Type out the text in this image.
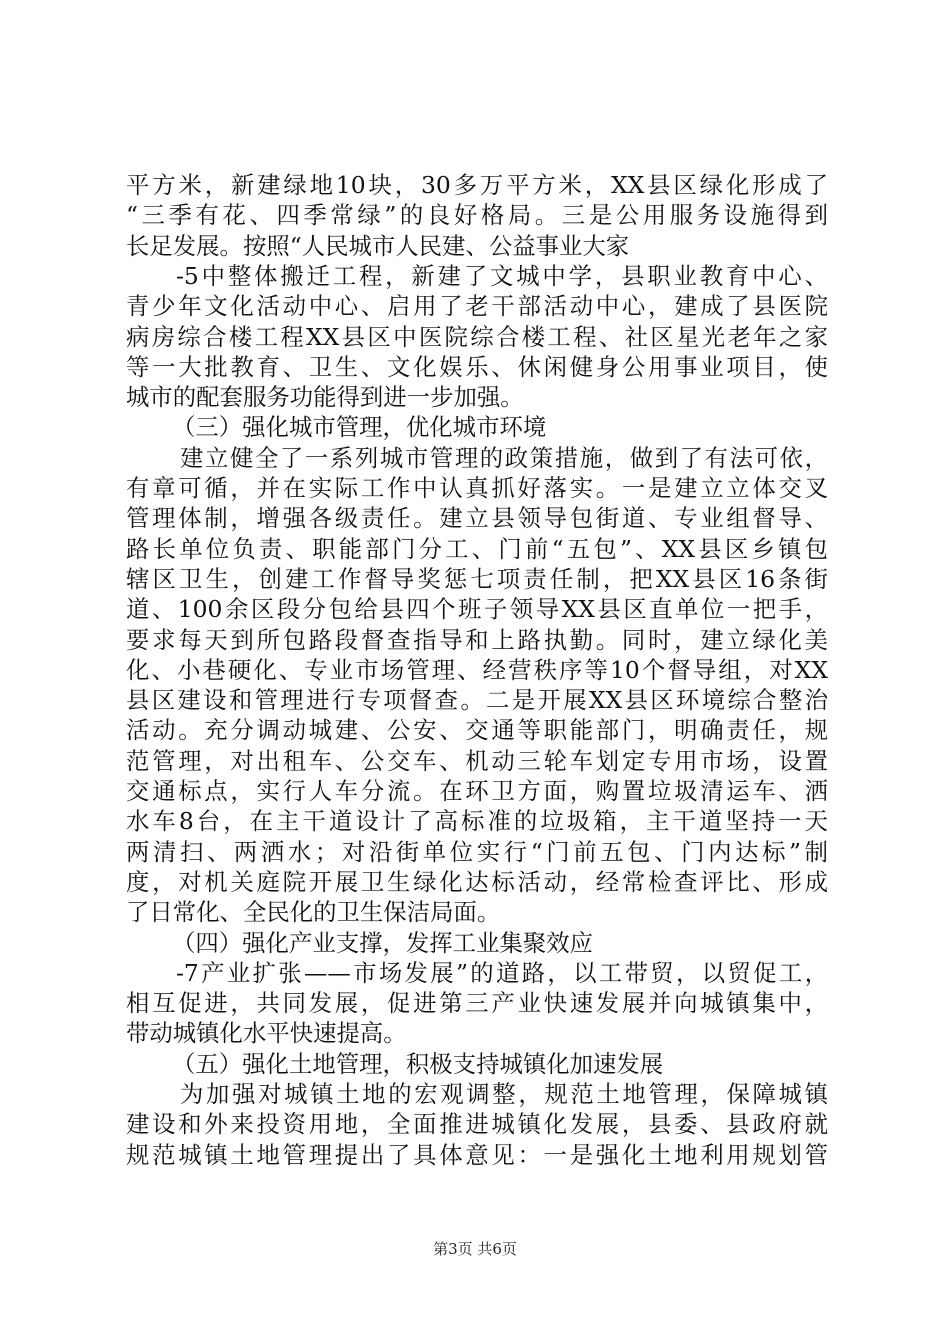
平方米，新建绿地10块，30多万平方米，XX县区绿化形成了
“三季有花、四季常绿”的良好格局。三是公用服务设施得到
长足发展。按照“人民城市人民建、公益事业大家
-5中整体搬迁工程，新建了文城中学，县职业教育中心、
青少年文化活动中心、启用了老干部活动中心，建成了县医院
病房综合楼工程XX县区中医院综合楼工程、社区星光老年之家
等一大批教育、卫生、文化娱乐、休闲健身公用事业项目，使
城市的配套服务功能得到进一步加强。
（三）强化城市管理，优化城市环境
建立健全了一系列城市管理的政策措施，做到了有法可依，
有章可循，并在实际工作中认真抓好落实。一是建立立体交叉
管理体制，增强各级责任。建立县领导包街道、专业组督导、
路长单位负责、职能部门分工、门前“五包”、XX县区乡镇包
辖区卫生，创建工作督导奖惩七项责任制，把XX县区16条街
道、100余区段分包给县四个班子领导XX县区直单位一把手，
要求每天到所包路段督查指导和上路执勤。同时，建立绿化美
化、小巷硬化、专业市场管理、经营秩序等10个督导组，对XX
县区建设和管理进行专项督查。二是开展XX县区环境综合整治
活动。充分调动城建、公安、交通等职能部门，明确责任，规
范管理，对出租车、公交车、机动三轮车划定专用市场，设置
交通标点，实行人车分流。在环卫方面，购置垃圾清运车、洒
水车8台，在主干道设计了高标准的垃圾箱，主干道坚持一天
两清扫、两洒水；对沿街单位实行“门前五包、门内达标”制
度，对机关庭院开展卫生绿化达标活动，经常检查评比、形成
了日常化、全民化的卫生保洁局面。
（四）强化产业支撑，发挥工业集聚效应
-7产业扩张——市场发展”的道路，以工带贸，以贸促工，
相互促进，共同发展，促进第三产业快速发展并向城镇集中，
带动城镇化水平快速提高。
（五）强化土地管理，积极支持城镇化加速发展
为加强对城镇土地的宏观调整，规范土地管理，保障城镇
建设和外来投资用地，全面推进城镇化发展，县委、县政府就
规范城镇土地管理提出了具体意见：一是强化土地利用规划管
第3页 共6页
